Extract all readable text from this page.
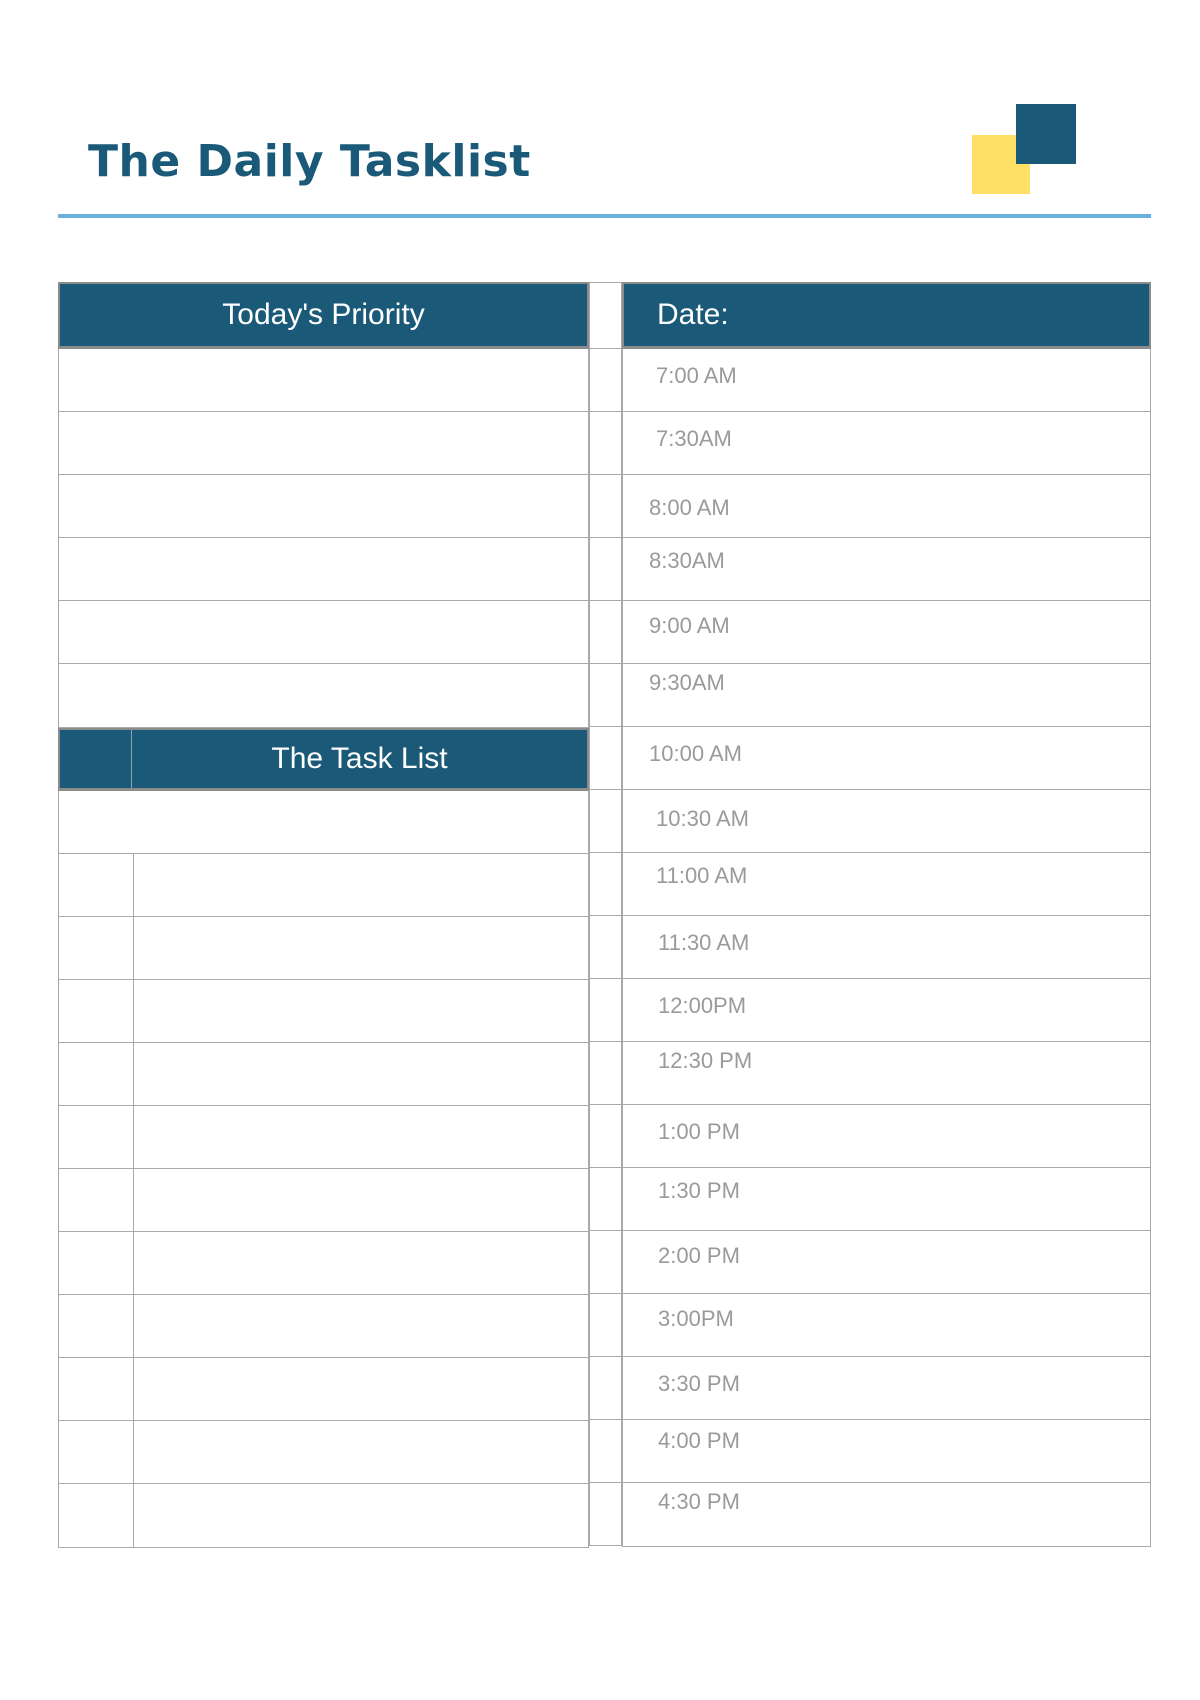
The Daily Tasklist
Today's Priority
The Task List
Date:
7:00 AM
7:30AM
8:00 AM
8:30AM
9:00 AM
9:30AM
10:00 AM
10:30 AM
11:00 AM
11:30 AM
12:00PM
12:30 PM
1:00 PM
1:30 PM
2:00 PM
3:00PM
3:30 PM
4:00 PM
4:30 PM
